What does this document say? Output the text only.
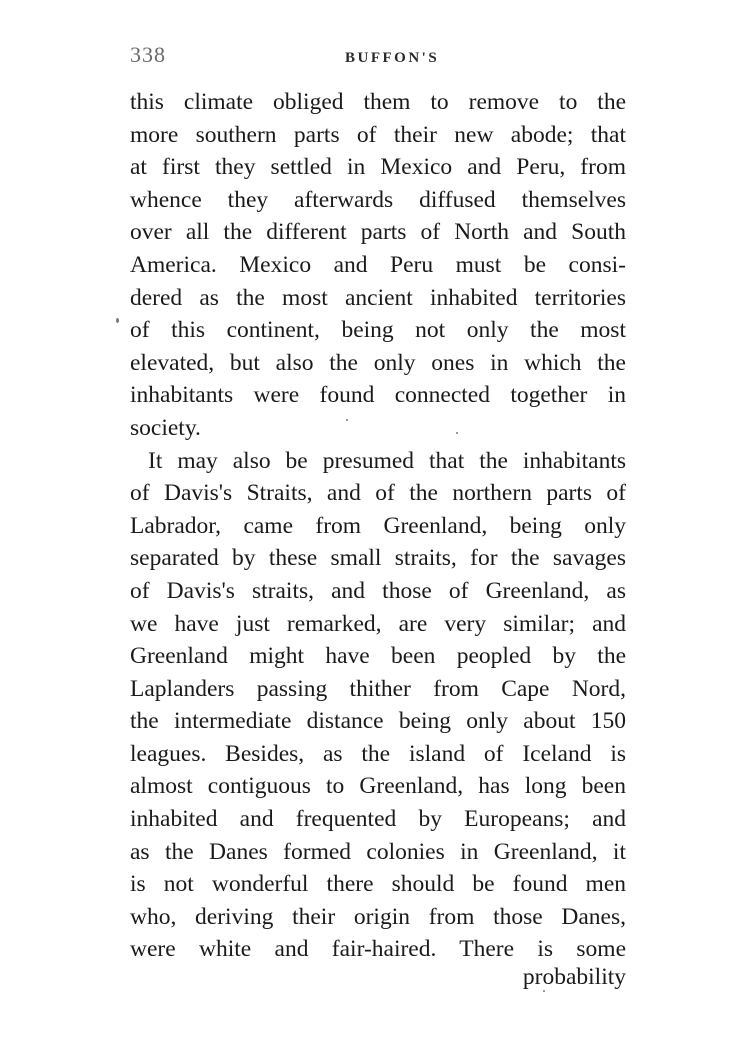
338	BUFFON'S
this climate obliged them to remove to the
more southern parts of their new abode; that
at first they settled in Mexico and Peru, from
whence they afterwards diffused themselves
over all the different parts of North and South
America. Mexico and Peru must be consi-
dered as the most ancient inhabited territories
of this continent, being not only the most
elevated, but also the only ones in which the
inhabitants were found connected together in
society.
It may also be presumed that the inhabitants
of Davis's Straits, and of the northern parts of
Labrador, came from Greenland, being only
separated by these small straits, for the savages
of Davis's straits, and those of Greenland, as
we have just remarked, are very similar; and
Greenland might have been peopled by the
Laplanders passing thither from Cape Nord,
the intermediate distance being only about 150
leagues. Besides, as the island of Iceland is
almost contiguous to Greenland, has long been
inhabited and frequented by Europeans; and
as the Danes formed colonies in Greenland, it
is not wonderful there should be found men
who, deriving their origin from those Danes,
were white and fair-haired. There is some
probability
